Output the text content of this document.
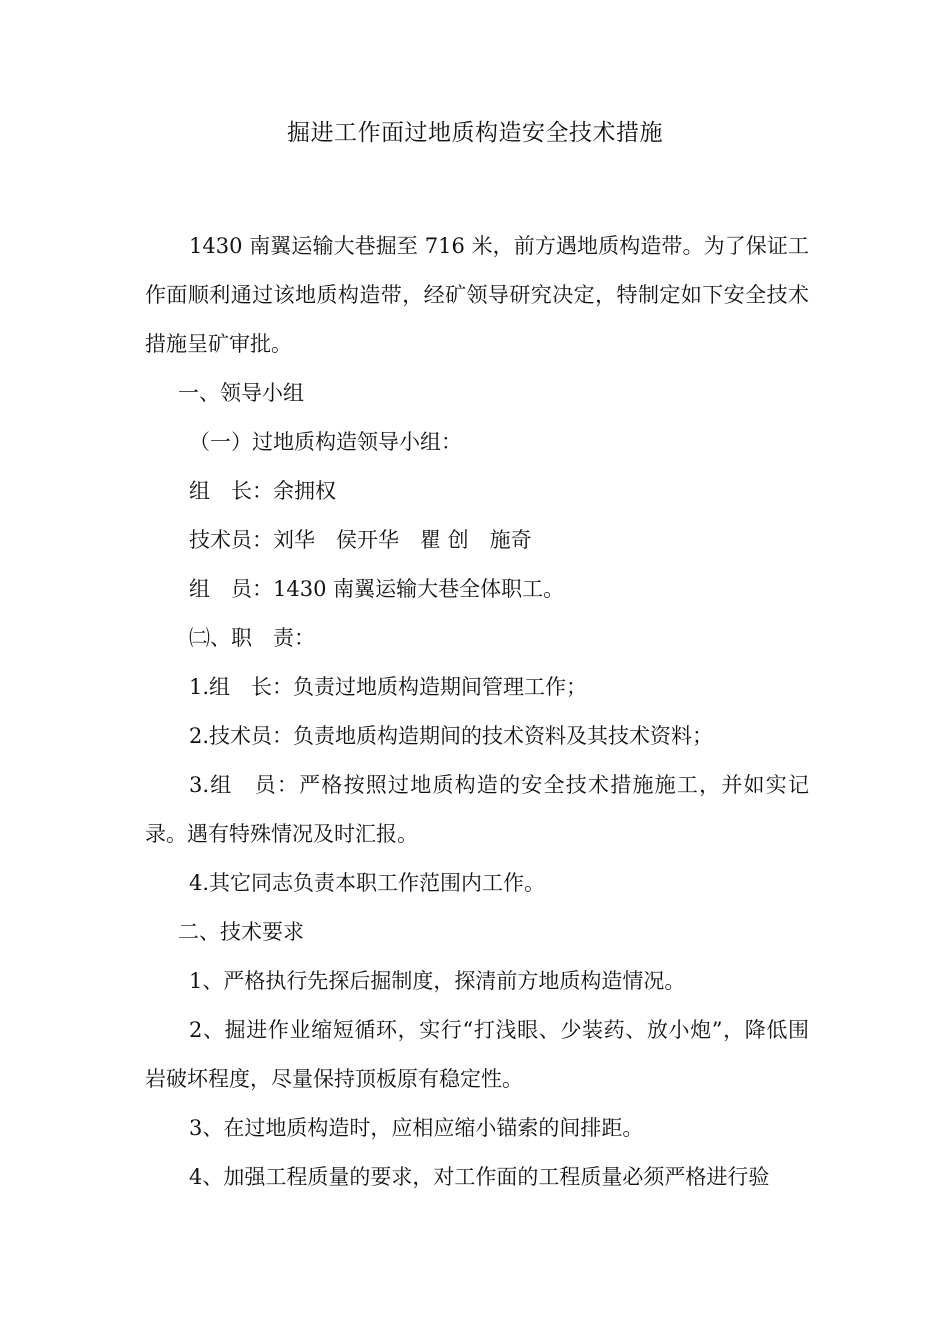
掘进工作面过地质构造安全技术措施

1430 南翼运输大巷掘至 716 米，前方遇地质构造带。为了保证工作面顺利通过该地质构造带，经矿领导研究决定，特制定如下安全技术措施呈矿审批。

一、领导小组

（一）过地质构造领导小组：

组　长：余拥权

技术员：刘华　侯开华　瞿 创　施奇

组　员：1430 南翼运输大巷全体职工。

㈡、职　责：

1.组　长：负责过地质构造期间管理工作；

2.技术员：负责地质构造期间的技术资料及其技术资料；

3.组　员：严格按照过地质构造的安全技术措施施工，并如实记录。遇有特殊情况及时汇报。

4.其它同志负责本职工作范围内工作。

二、技术要求

1、严格执行先探后掘制度，探清前方地质构造情况。

2、掘进作业缩短循环，实行“打浅眼、少装药、放小炮”，降低围岩破坏程度，尽量保持顶板原有稳定性。

3、在过地质构造时，应相应缩小锚索的间排距。

4、加强工程质量的要求，对工作面的工程质量必须严格进行验
